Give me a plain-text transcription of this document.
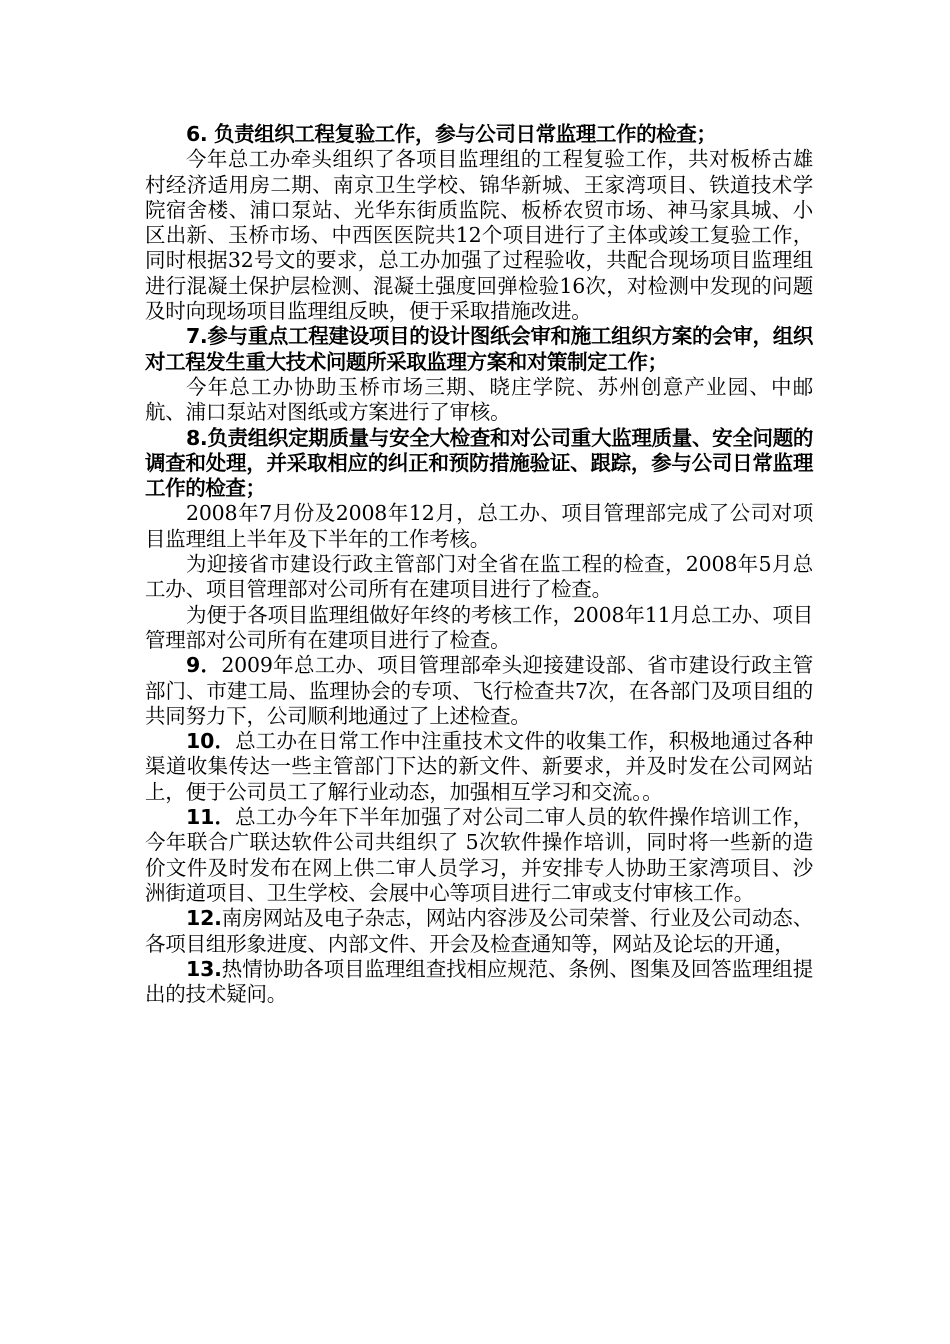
6. 负责组织工程复验工作，参与公司日常监理工作的检查；

今年总工办牵头组织了各项目监理组的工程复验工作，共对板桥古雄村经济适用房二期、南京卫生学校、锦华新城、王家湾项目、铁道技术学院宿舍楼、浦口泵站、光华东街质监院、板桥农贸市场、神马家具城、小区出新、玉桥市场、中西医医院共12个项目进行了主体或竣工复验工作，同时根据32号文的要求，总工办加强了过程验收，共配合现场项目监理组进行混凝土保护层检测、混凝土强度回弹检验16次，对检测中发现的问题及时向现场项目监理组反映，便于采取措施改进。

7.参与重点工程建设项目的设计图纸会审和施工组织方案的会审，组织对工程发生重大技术问题所采取监理方案和对策制定工作；

今年总工办协助玉桥市场三期、晓庄学院、苏州创意产业园、中邮航、浦口泵站对图纸或方案进行了审核。

8.负责组织定期质量与安全大检查和对公司重大监理质量、安全问题的调查和处理，并采取相应的纠正和预防措施验证、跟踪，参与公司日常监理工作的检查；

2008年7月份及2008年12月，总工办、项目管理部完成了公司对项目监理组上半年及下半年的工作考核。

为迎接省市建设行政主管部门对全省在监工程的检查，2008年5月总工办、项目管理部对公司所有在建项目进行了检查。

为便于各项目监理组做好年终的考核工作，2008年11月总工办、项目管理部对公司所有在建项目进行了检查。

9．2009年总工办、项目管理部牵头迎接建设部、省市建设行政主管部门、市建工局、监理协会的专项、飞行检查共7次，在各部门及项目组的共同努力下，公司顺利地通过了上述检查。

10．总工办在日常工作中注重技术文件的收集工作，积极地通过各种渠道收集传达一些主管部门下达的新文件、新要求，并及时发在公司网站上，便于公司员工了解行业动态，加强相互学习和交流。。

11．总工办今年下半年加强了对公司二审人员的软件操作培训工作，今年联合广联达软件公司共组织了 5次软件操作培训，同时将一些新的造价文件及时发布在网上供二审人员学习，并安排专人协助王家湾项目、沙洲街道项目、卫生学校、会展中心等项目进行二审或支付审核工作。

12.南房网站及电子杂志，网站内容涉及公司荣誉、行业及公司动态、各项目组形象进度、内部文件、开会及检查通知等，网站及论坛的开通，

13.热情协助各项目监理组查找相应规范、条例、图集及回答监理组提出的技术疑问。
